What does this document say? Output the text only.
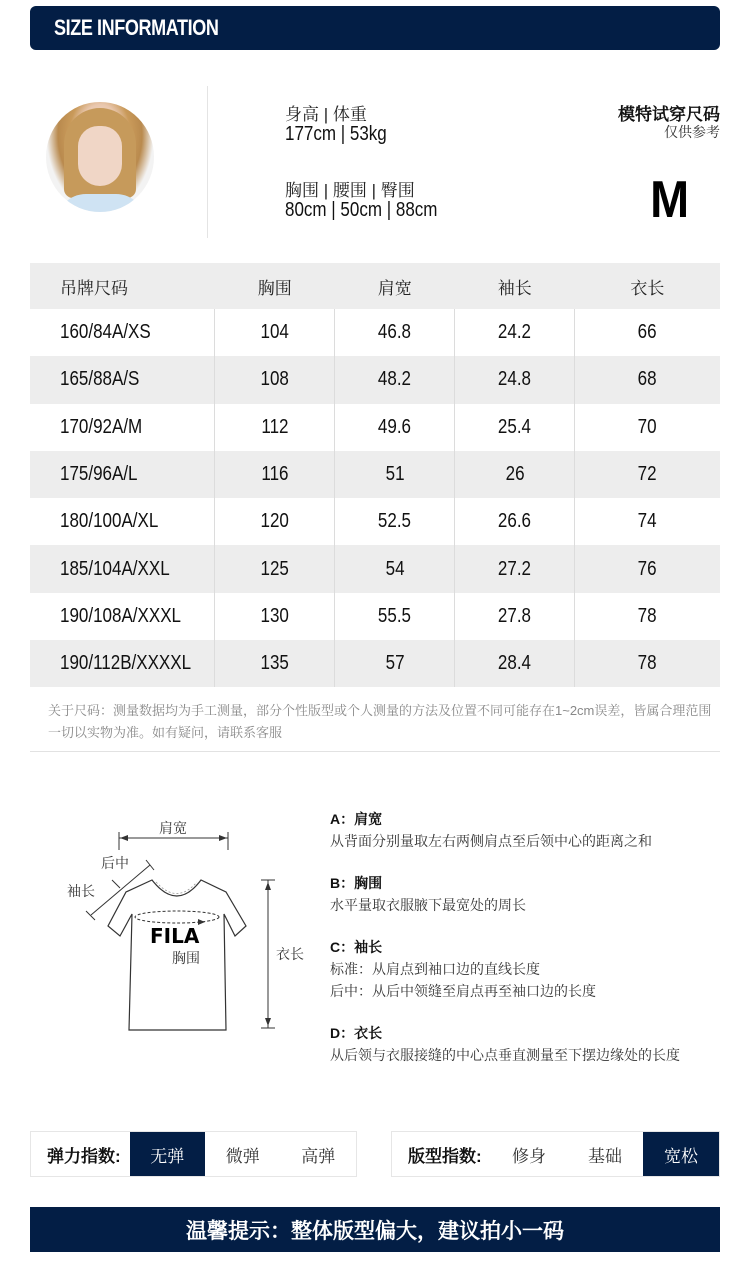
SIZE INFORMATION
身高 | 体重
177cm | 53kg
胸围 | 腰围 | 臀围
80cm | 50cm | 88cm
模特试穿尺码
仅供参考
M
吊牌尺码	胸围	肩宽	袖长	衣长
160/84A/XS	104	46.8	24.2	66
165/88A/S	108	48.2	24.8	68
170/92A/M	112	49.6	25.4	70
175/96A/L	116	51	26	72
180/100A/XL	120	52.5	26.6	74
185/104A/XXL	125	54	27.2	76
190/108A/XXXL	130	55.5	27.8	78
190/112B/XXXXL	135	57	28.4	78
关于尺码：测量数据均为手工测量，部分个性版型或个人测量的方法及位置不同可能存在1~2cm误差，皆属合理范围一切以实物为准。如有疑问，请联系客服
FILA
肩宽
后中
袖长
胸围	衣长
A：肩宽
从背面分别量取左右两侧肩点至后领中心的距离之和
B：胸围
水平量取衣服腋下最宽处的周长
C：袖长
标准：从肩点到袖口边的直线长度
后中：从后中领缝至肩点再至袖口边的长度
D：衣长
从后领与衣服接缝的中心点垂直测量至下摆边缘处的长度
弹力指数:	无弹	微弹	高弹	版型指数:	修身	基础	宽松
温馨提示：整体版型偏大，建议拍小一码
